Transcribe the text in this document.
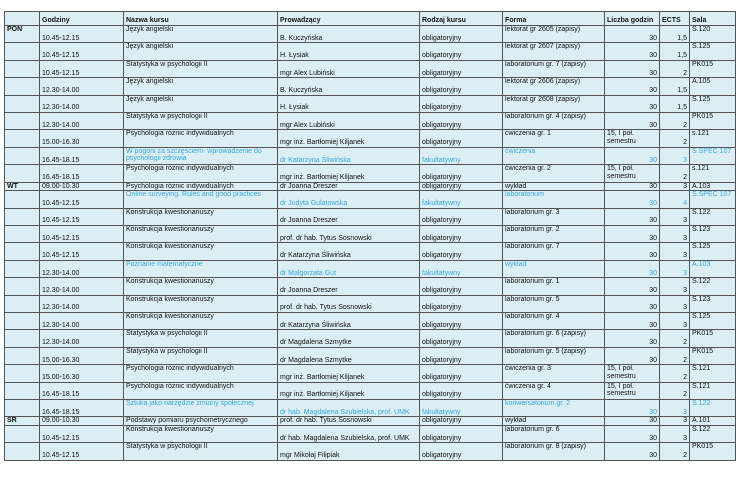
	Godziny	Nazwa kursu	Prowadzący	Rodzaj kursu	Forma	Liczba godzin	ECTS	Sala
PON	10.45-12.15	Język angielski	B. Kuczyńska	obligatoryjny	lektorat gr 2605 (zapisy)	30	1,5	S.120
	10.45-12.15	Język angielski	H. Łysiak	obligatoryjny	lektorat gr 2607 (zapisy)	30	1,5	S.125
	10.45-12.15	Statystyka w psychologii II	mgr Alex Lubiński	obligatoryjny	laboratorium gr. 7 (zapisy)	30	2	PK015
	12.30-14.00	Język angielski	B. Kuczyńska	obligatoryjny	lektorat gr 2606 (zapisy)	30	1,5	A.105
	12.30-14.00	Język angielski	H. Łysiak	obligatoryjny	lektorat gr 2608 (zapisy)	30	1,5	S.125
	12.30-14.00	Statystyka w psychologii II	mgr Alex Lubiński	obligatoryjny	laboratorium gr. 4 (zapisy)	30	2	PK015
	15.00-16.30	Psychologia różnic indywidualnych	mgr inż. Bartłomiej Kiljanek	obligatoryjny	ćwiczenia gr. 1	15, I poł. semestru	2	s.121
	16.45-18.15	W pogoni za szczęściem- wprowadzenie do psychologii zdrowia	dr Katarzyna Śliwińska	fakultatywny	ćwiczenia	30	3	S.SPEC 107
	16.45-18.15	Psychologia różnic indywidualnych	mgr inż. Bartłomiej Kiljanek	obligatoryjny	ćwiczenia gr. 2	15, I poł. semestru	2	s.121
WT	09.00-10.30	Psychologia różnic indywidualnych	dr Joanna Dreszer	obligatoryjny	wykład	30	3	A.103
	10.45-12.15	Online surveying. Rules and good practices	dr Judyta Gulatowska	fakultatywny	laboratorium	30	4	S.SPEC 107
	10.45-12.15	Konstrukcja kwestionariuszy	dr Joanna Dreszer	obligatoryjny	laboratorium gr. 3	30	3	S.122
	10.45-12.15	Konstrukcja kwestionariuszy	prof. dr hab. Tytus Sosnowski	obligatoryjny	laboratorium gr. 2	30	3	S.123
	10.45-12.15	Konstrukcja kwestionariuszy	dr Katarzyna Śliwińska	obligatoryjny	laboratorium gr. 7	30	3	S.125
	12.30-14.00	Poznanie matematyczne	dr Małgorzata Gut	fakultatywny	wykład	30	3	A.103
	12.30-14.00	Konstrukcja kwestionariuszy	dr Joanna Dreszer	obligatoryjny	laboratorium gr. 1	30	3	S.122
	12.30-14.00	Konstrukcja kwestionariuszy	prof. dr hab. Tytus Sosnowski	obligatoryjny	laboratorium gr. 5	30	3	S.123
	12.30-14.00	Konstrukcja kwestionariuszy	dr Katarzyna Śliwińska	obligatoryjny	laboratorium gr. 4	30	3	S.125
	12.30-14.00	Statystyka w psychologii II	dr Magdalena Szmytke	obligatoryjny	laboratorium gr. 6 (zapisy)	30	2	PK015
	15.00-16.30	Statystyka w psychologii II	dr Magdalena Szmytke	obligatoryjny	laboratorium gr. 5 (zapisy)	30	2	PK015
	15.00-16.30	Psychologia różnic indywidualnych	mgr inż. Bartłomiej Kiljanek	obligatoryjny	ćwiczenia gr. 3	15, I poł. semestru	2	S.121
	16.45-18.15	Psychologia różnic indywidualnych	mgr inż. Bartłomiej Kiljanek	obligatoryjny	ćwiczenia gr. 4	15, I poł. semestru	2	S.121
	16.45-18.15	Sztuka jako narzędzie zmiany społecznej	dr hab. Magdalena Szubielska, prof. UMK	fakultatywny	konwersatorium gr. 2	30	3	S.122
ŚR	09.00-10.30	Podstawy pomiaru psychometrycznego	prof. dr hab. Tytus Sosnowski	obligatoryjny	wykład	30	3	A.101
	10.45-12.15	Konstrukcja kwestionariuszy	dr hab. Magdalena Szubielska, prof. UMK	obligatoryjny	laboratorium gr. 6	30	3	S.122
	10.45-12.15	Statystyka w psychologii II	mgr Mikołaj Filipiak	obligatoryjny	laboratorium gr. 8 (zapisy)	30	2	PK015
